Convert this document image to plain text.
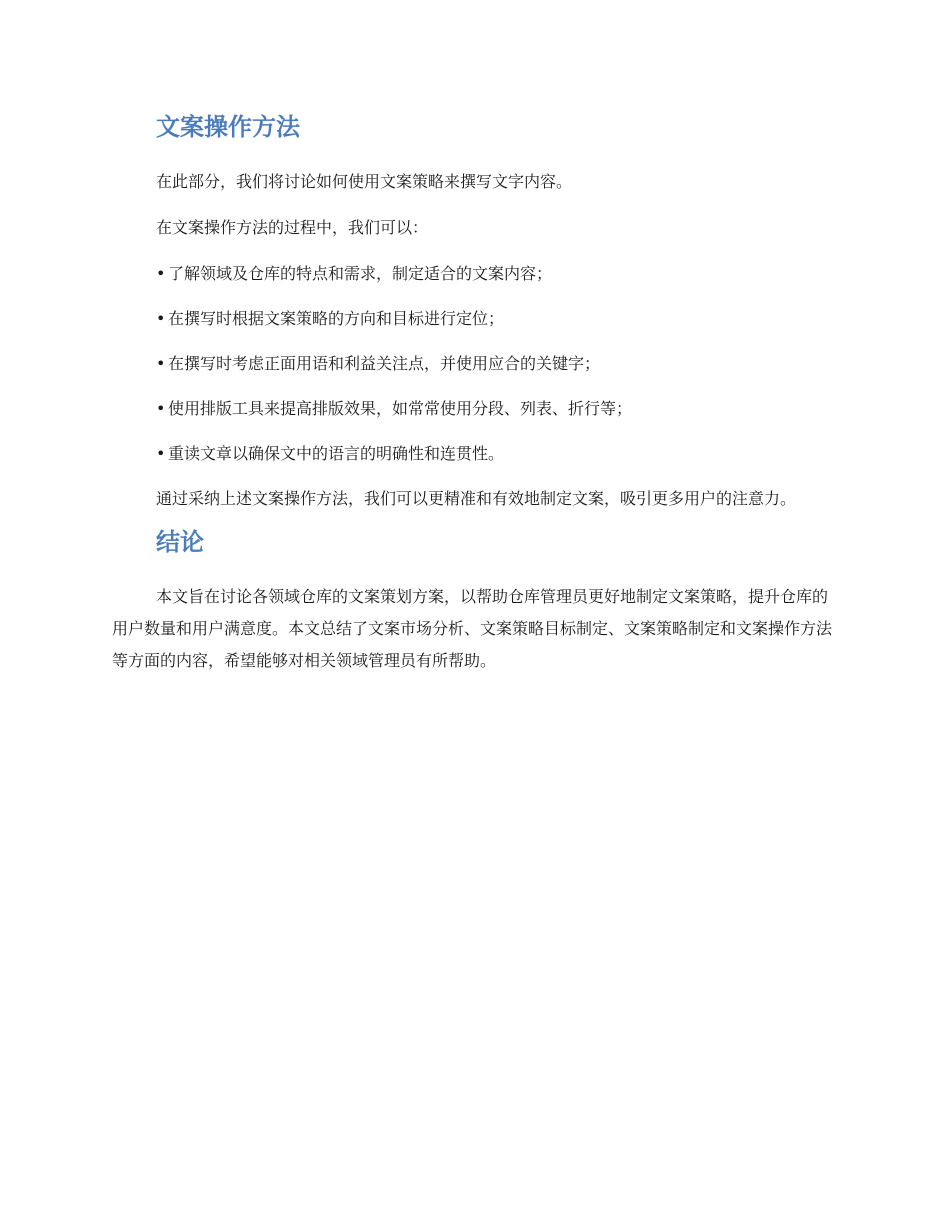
文案操作方法

在此部分，我们将讨论如何使用文案策略来撰写文字内容。

在文案操作方法的过程中，我们可以：

• 了解领域及仓库的特点和需求，制定适合的文案内容；
• 在撰写时根据文案策略的方向和目标进行定位；
• 在撰写时考虑正面用语和利益关注点，并使用应合的关键字；
• 使用排版工具来提高排版效果，如常常使用分段、列表、折行等；
• 重读文章以确保文中的语言的明确性和连贯性。

通过采纳上述文案操作方法，我们可以更精准和有效地制定文案，吸引更多用户的注意力。

结论

本文旨在讨论各领域仓库的文案策划方案，以帮助仓库管理员更好地制定文案策略，提升仓库的用户数量和用户满意度。本文总结了文案市场分析、文案策略目标制定、文案策略制定和文案操作方法等方面的内容，希望能够对相关领域管理员有所帮助。
